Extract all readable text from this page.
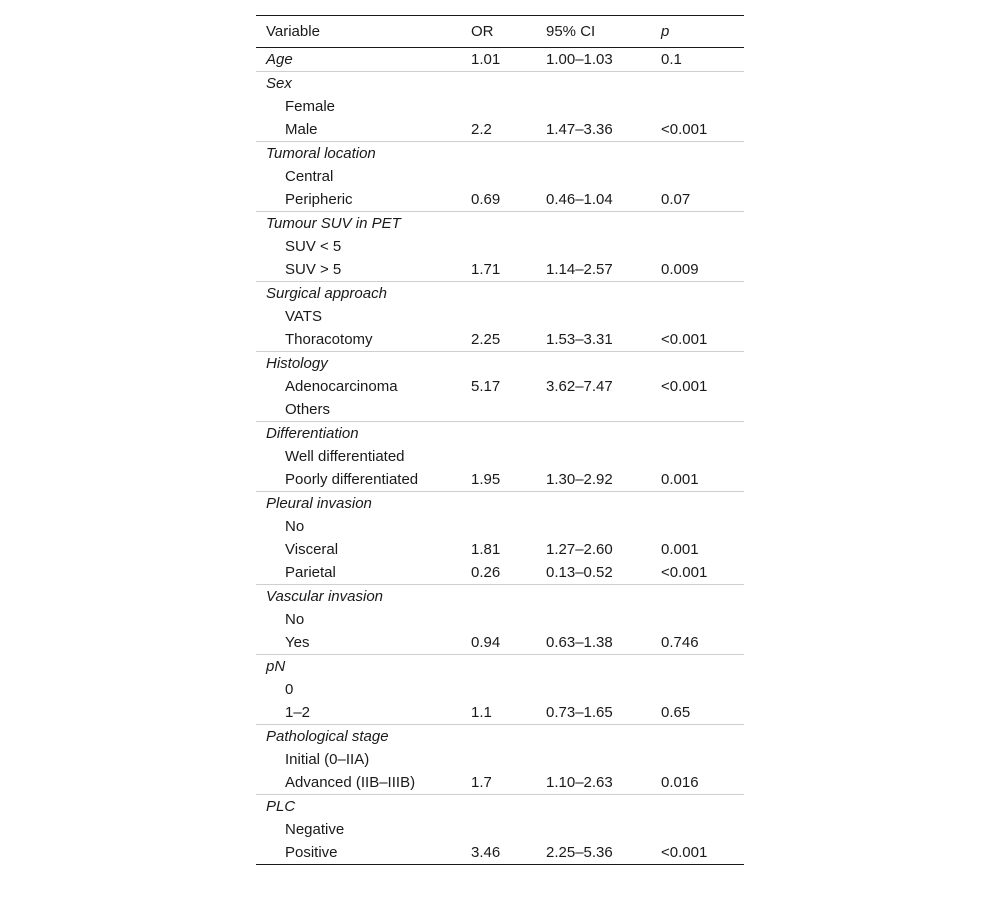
Variable	OR	95% CI	p
Age	1.01	1.00–1.03	0.1
Sex			
Female			
Male	2.2	1.47–3.36	<0.001
Tumoral location			
Central			
Peripheric	0.69	0.46–1.04	0.07
Tumour SUV in PET			
SUV < 5			
SUV > 5	1.71	1.14–2.57	0.009
Surgical approach			
VATS			
Thoracotomy	2.25	1.53–3.31	<0.001
Histology			
Adenocarcinoma	5.17	3.62–7.47	<0.001
Others			
Differentiation			
Well differentiated			
Poorly differentiated	1.95	1.30–2.92	0.001
Pleural invasion			
No			
Visceral	1.81	1.27–2.60	0.001
Parietal	0.26	0.13–0.52	<0.001
Vascular invasion			
No			
Yes	0.94	0.63–1.38	0.746
pN			
0			
1–2	1.1	0.73–1.65	0.65
Pathological stage			
Initial (0–IIA)			
Advanced (IIB–IIIB)	1.7	1.10–2.63	0.016
PLC			
Negative			
Positive	3.46	2.25–5.36	<0.001
